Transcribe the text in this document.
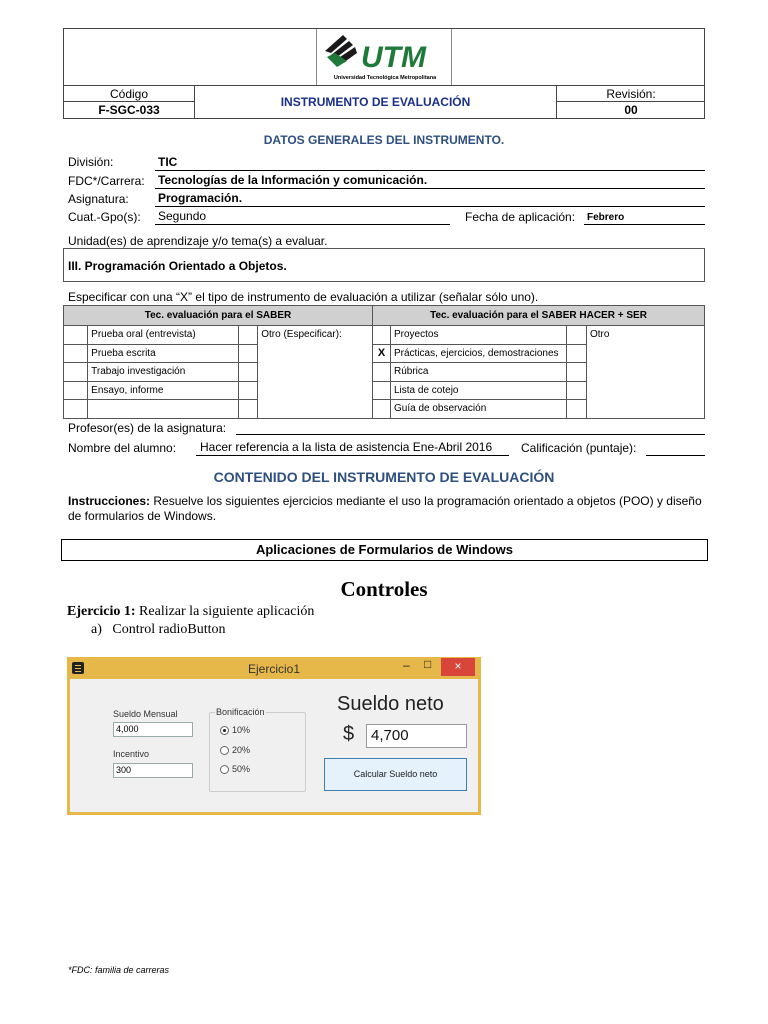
UTM
Universidad Tecnológica Metropolitana
Código
F-SGC-033
INSTRUMENTO DE EVALUACIÓN
Revisión:
00
DATOS GENERALES DEL INSTRUMENTO.
División:	TIC
FDC*/Carrera: Tecnologías de la Información y comunicación.
Asignatura: Programación.
Cuat.-Gpo(s): Segundo	Fecha de aplicación:	Febrero
Unidad(es) de aprendizaje y/o tema(s) a evaluar.
III. Programación Orientado a Objetos.
Especificar con una “X” el tipo de instrumento de evaluación a utilizar (señalar sólo uno).
Tec. evaluación para el SABER				Tec. evaluación para el SABER HACER + SER			
	Prueba oral (entrevista)		Otro (Especificar):		Proyectos		Otro
	Prueba escrita			X	Prácticas, ejercicios, demostraciones		
	Trabajo investigación				Rúbrica		
	Ensayo, informe				Lista de cotejo		
					Guía de observación		
Profesor(es) de la asignatura:
Nombre del alumno:	Hacer referencia a la lista de asistencia Ene-Abril 2016	Calificación (puntaje):
CONTENIDO DEL INSTRUMENTO DE EVALUACIÓN
Instrucciones: Resuelve los siguientes ejercicios mediante el uso la programación orientado a objetos (POO) y diseño de formularios de Windows.
Aplicaciones de Formularios de Windows
Controles
Ejercicio 1: Realizar la siguiente aplicación
a)   Control radioButton
Ejercicio1	–	□	×
Sueldo Mensual
4,000
Incentivo
300
Bonificación
10%
20%
50%
Sueldo neto
$	4,700
Calcular Sueldo neto
*FDC: familia de carreras
